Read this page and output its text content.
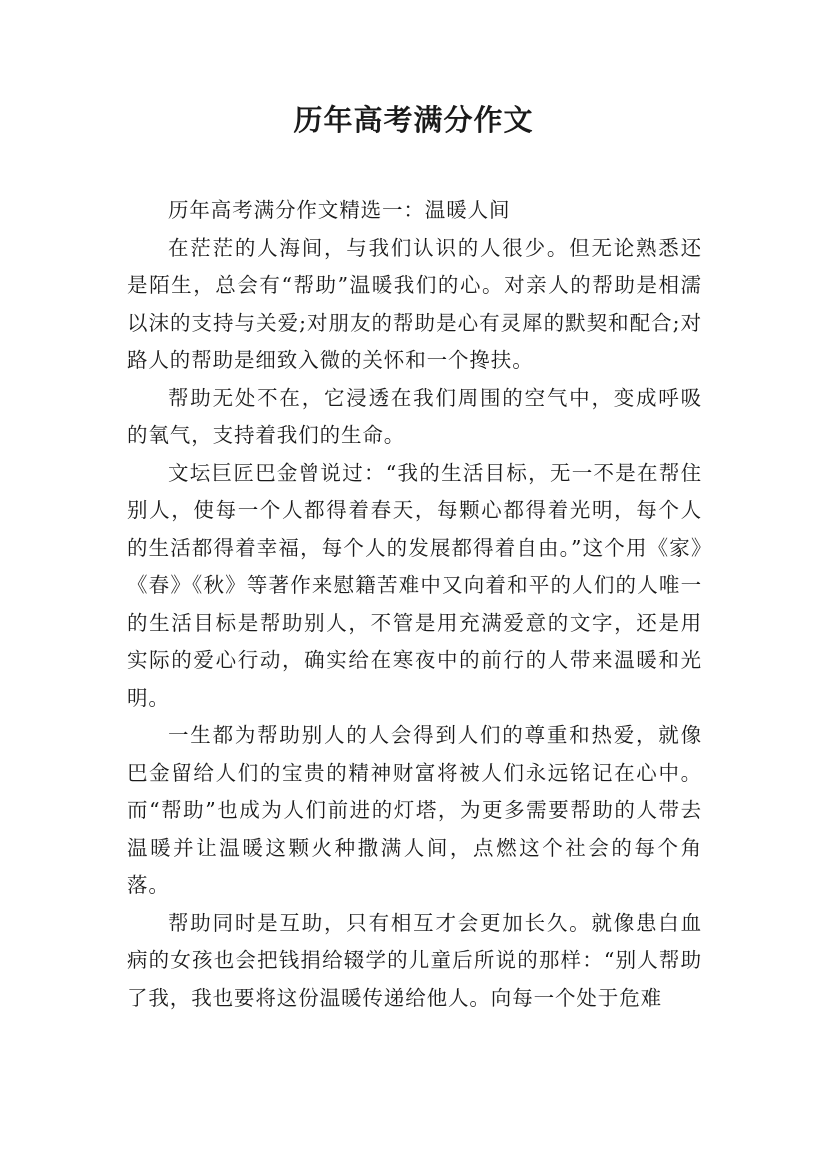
历年高考满分作文

历年高考满分作文精选一：温暖人间

在茫茫的人海间，与我们认识的人很少。但无论熟悉还是陌生，总会有“帮助”温暖我们的心。对亲人的帮助是相濡以沫的支持与关爱;对朋友的帮助是心有灵犀的默契和配合;对路人的帮助是细致入微的关怀和一个搀扶。

帮助无处不在，它浸透在我们周围的空气中，变成呼吸的氧气，支持着我们的生命。

文坛巨匠巴金曾说过：“我的生活目标，无一不是在帮住别人，使每一个人都得着春天，每颗心都得着光明，每个人的生活都得着幸福，每个人的发展都得着自由。”这个用《家》《春》《秋》等著作来慰籍苦难中又向着和平的人们的人唯一的生活目标是帮助别人，不管是用充满爱意的文字，还是用实际的爱心行动，确实给在寒夜中的前行的人带来温暖和光明。

一生都为帮助别人的人会得到人们的尊重和热爱，就像巴金留给人们的宝贵的精神财富将被人们永远铭记在心中。而“帮助”也成为人们前进的灯塔，为更多需要帮助的人带去温暖并让温暖这颗火种撒满人间，点燃这个社会的每个角落。

帮助同时是互助，只有相互才会更加长久。就像患白血病的女孩也会把钱捐给辍学的儿童后所说的那样：“别人帮助了我，我也要将这份温暖传递给他人。向每一个处于危难
